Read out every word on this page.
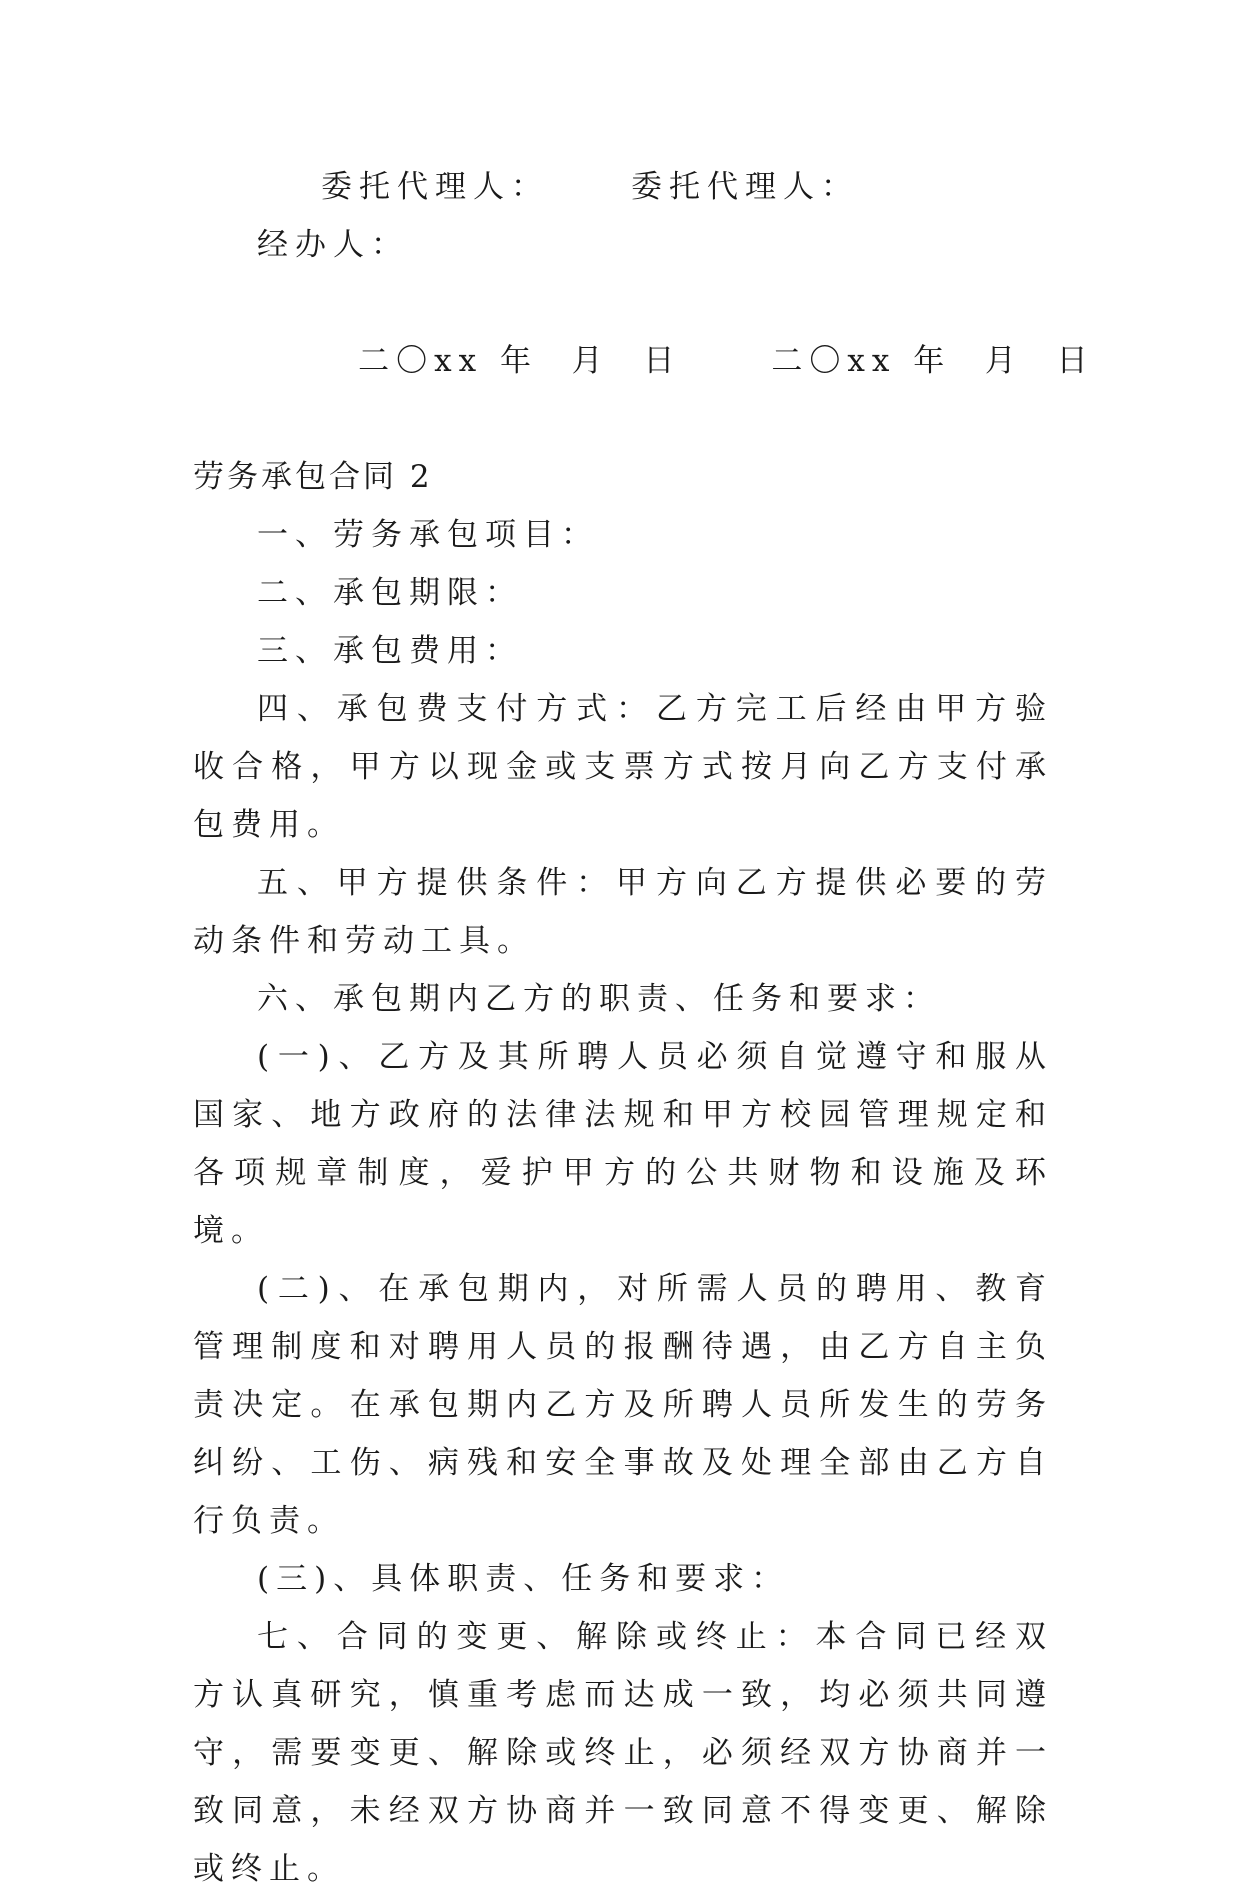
委托代理人：	委托代理人：

经办人：

二〇xx 年  月  日	二〇xx 年  月  日

劳务承包合同 2

一、劳务承包项目：

二、承包期限：

三、承包费用：

四、承包费支付方式：乙方完工后经由甲方验收合格，甲方以现金或支票方式按月向乙方支付承包费用。

五、甲方提供条件：甲方向乙方提供必要的劳动条件和劳动工具。

六、承包期内乙方的职责、任务和要求：

(一)、乙方及其所聘人员必须自觉遵守和服从国家、地方政府的法律法规和甲方校园管理规定和各项规章制度，爱护甲方的公共财物和设施及环境。

(二)、在承包期内，对所需人员的聘用、教育管理制度和对聘用人员的报酬待遇，由乙方自主负责决定。在承包期内乙方及所聘人员所发生的劳务纠纷、工伤、病残和安全事故及处理全部由乙方自行负责。

(三)、具体职责、任务和要求：

七、合同的变更、解除或终止：本合同已经双方认真研究，慎重考虑而达成一致，均必须共同遵守，需要变更、解除或终止，必须经双方协商并一致同意，未经双方协商并一致同意不得变更、解除或终止。
